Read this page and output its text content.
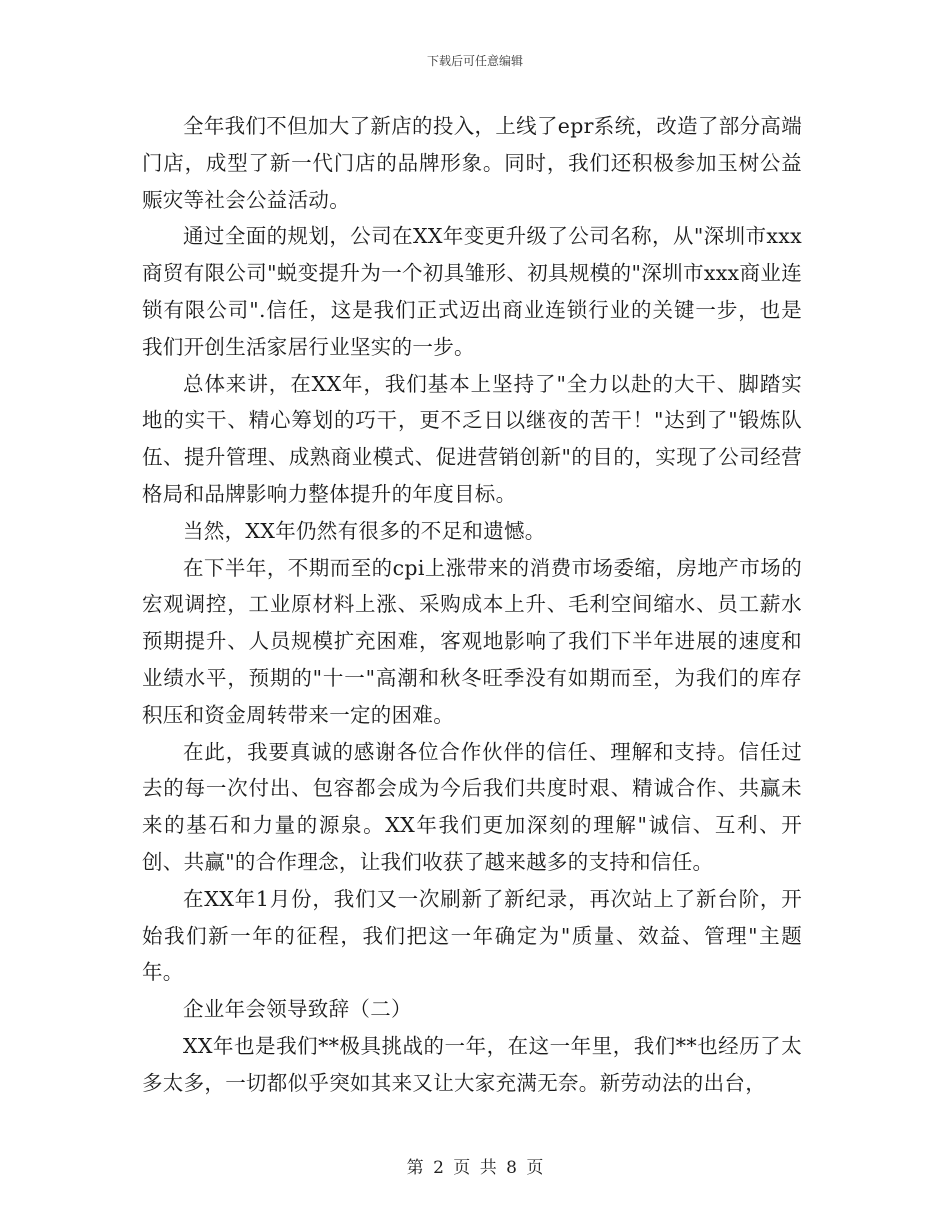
下载后可任意编辑

全年我们不但加大了新店的投入，上线了epr系统，改造了部分高端门店，成型了新一代门店的品牌形象。同时，我们还积极参加玉树公益赈灾等社会公益活动。

通过全面的规划，公司在XX年变更升级了公司名称，从"深圳市xxx商贸有限公司"蜕变提升为一个初具雏形、初具规模的"深圳市xxx商业连锁有限公司".信任，这是我们正式迈出商业连锁行业的关键一步，也是我们开创生活家居行业坚实的一步。

总体来讲，在XX年，我们基本上坚持了"全力以赴的大干、脚踏实地的实干、精心筹划的巧干，更不乏日以继夜的苦干！"达到了"锻炼队伍、提升管理、成熟商业模式、促进营销创新"的目的，实现了公司经营格局和品牌影响力整体提升的年度目标。

当然，XX年仍然有很多的不足和遗憾。

在下半年，不期而至的cpi上涨带来的消费市场委缩，房地产市场的宏观调控，工业原材料上涨、采购成本上升、毛利空间缩水、员工薪水预期提升、人员规模扩充困难，客观地影响了我们下半年进展的速度和业绩水平，预期的"十一"高潮和秋冬旺季没有如期而至，为我们的库存积压和资金周转带来一定的困难。

在此，我要真诚的感谢各位合作伙伴的信任、理解和支持。信任过去的每一次付出、包容都会成为今后我们共度时艰、精诚合作、共赢未来的基石和力量的源泉。XX年我们更加深刻的理解"诚信、互利、开创、共赢"的合作理念，让我们收获了越来越多的支持和信任。

在XX年1月份，我们又一次刷新了新纪录，再次站上了新台阶，开始我们新一年的征程，我们把这一年确定为"质量、效益、管理"主题年。

企业年会领导致辞（二）

XX年也是我们**极具挑战的一年，在这一年里，我们**也经历了太多太多，一切都似乎突如其来又让大家充满无奈。新劳动法的出台，

第 2 页 共 8 页
